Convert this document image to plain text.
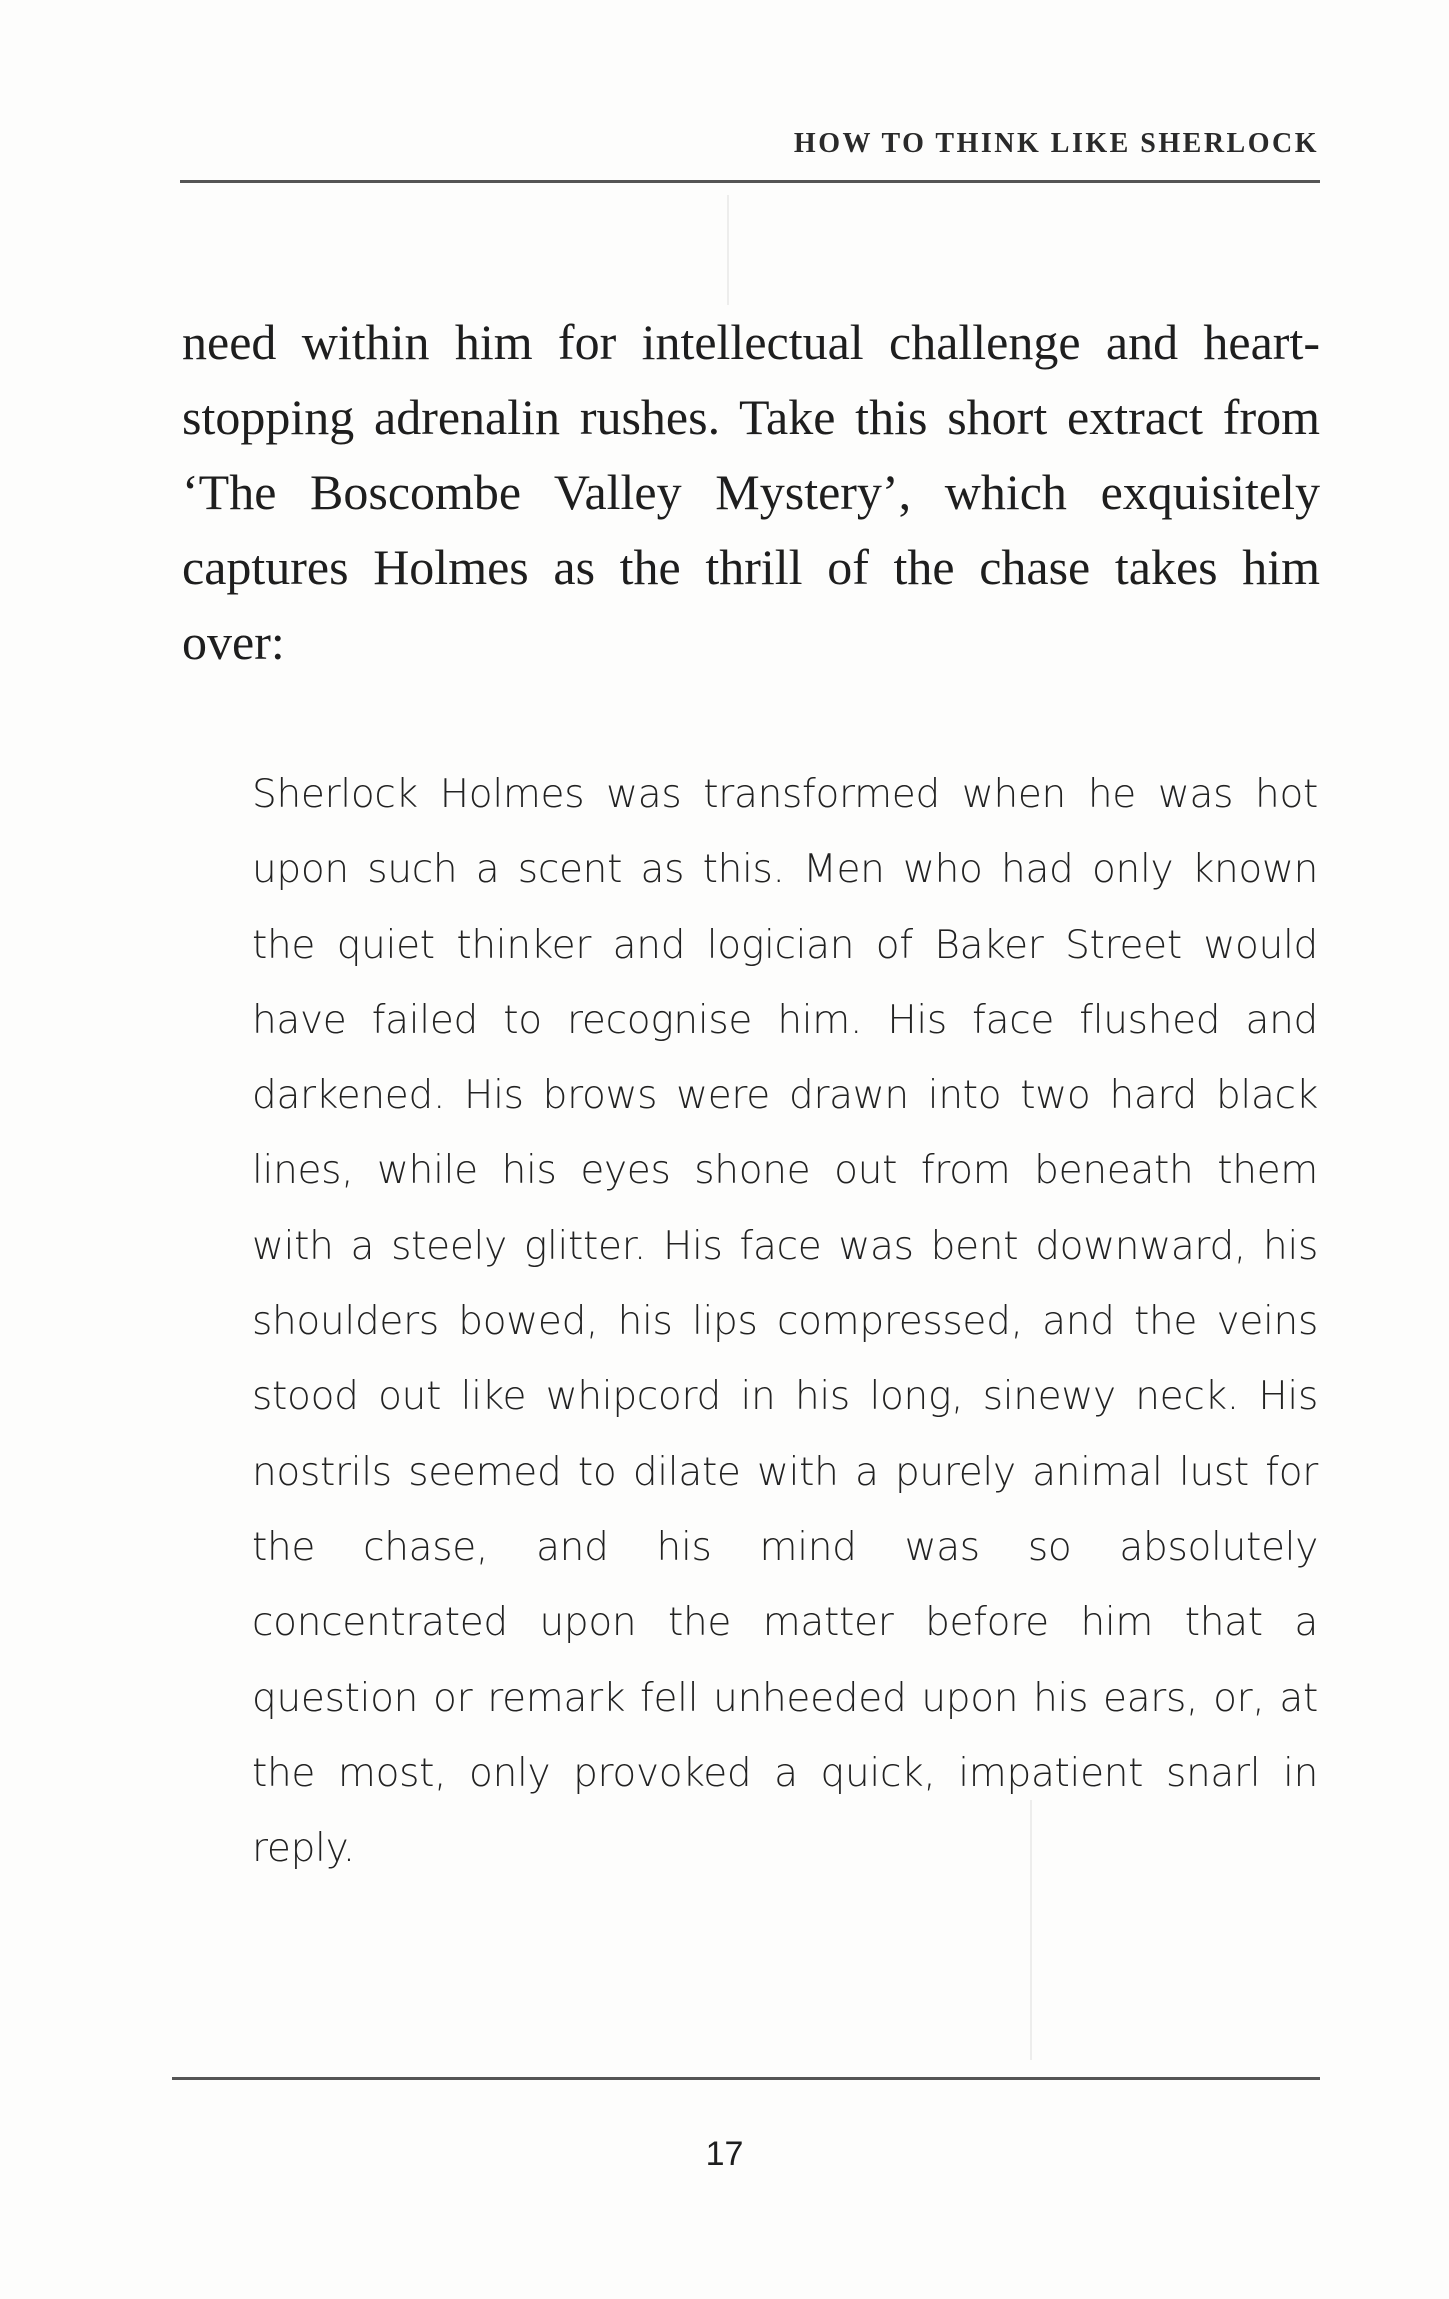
HOW TO THINK LIKE SHERLOCK

need within him for intellectual challenge and heart-stopping adrenalin rushes. Take this short extract from ‘The Boscombe Valley Mystery’, which exquisitely captures Holmes as the thrill of the chase takes him over:

Sherlock Holmes was transformed when he was hot upon such a scent as this. Men who had only known the quiet thinker and logician of Baker Street would have failed to recognise him. His face flushed and darkened. His brows were drawn into two hard black lines, while his eyes shone out from beneath them with a steely glitter. His face was bent downward, his shoulders bowed, his lips compressed, and the veins stood out like whipcord in his long, sinewy neck. His nostrils seemed to dilate with a purely animal lust for the chase, and his mind was so absolutely concentrated upon the matter before him that a question or remark fell unheeded upon his ears, or, at the most, only provoked a quick, impatient snarl in reply.

17
